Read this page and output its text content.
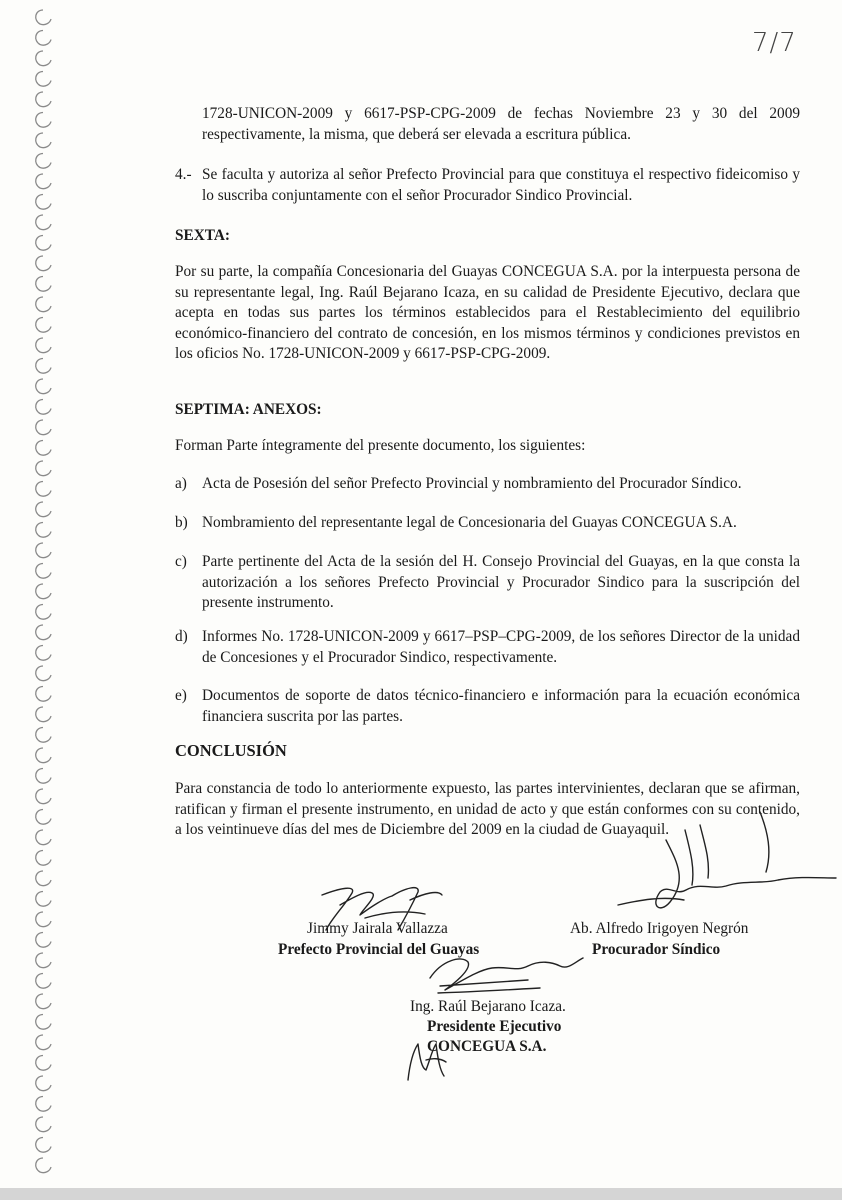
7/7
1728-UNICON-2009 y 6617-PSP-CPG-2009 de fechas Noviembre 23 y 30 del 2009 respectivamente, la misma, que deberá ser elevada a escritura pública.
4.- Se faculta y autoriza al señor Prefecto Provincial para que constituya el respectivo fideicomiso y lo suscriba conjuntamente con el señor Procurador Sindico Provincial.
SEXTA:
Por su parte, la compañía Concesionaria del Guayas CONCEGUA S.A. por la interpuesta persona de su representante legal, Ing. Raúl Bejarano Icaza, en su calidad de Presidente Ejecutivo, declara que acepta en todas sus partes los términos establecidos para el Restablecimiento del equilibrio económico-financiero del contrato de concesión, en los mismos términos y condiciones previstos en los oficios No. 1728-UNICON-2009 y 6617-PSP-CPG-2009.
SEPTIMA: ANEXOS:
Forman Parte íntegramente del presente documento, los siguientes:
a) Acta de Posesión del señor Prefecto Provincial y nombramiento del Procurador Síndico.
b) Nombramiento del representante legal de Concesionaria del Guayas CONCEGUA S.A.
c) Parte pertinente del Acta de la sesión del H. Consejo Provincial del Guayas, en la que consta la autorización a los señores Prefecto Provincial y Procurador Sindico para la suscripción del presente instrumento.
d) Informes No. 1728-UNICON-2009 y 6617–PSP–CPG-2009, de los señores Director de la unidad de Concesiones y el Procurador Sindico, respectivamente.
e) Documentos de soporte de datos técnico-financiero e información para la ecuación económica financiera suscrita por las partes.
CONCLUSIÓN
Para constancia de todo lo anteriormente expuesto, las partes intervinientes, declaran que se afirman, ratifican y firman el presente instrumento, en unidad de acto y que están conformes con su contenido, a los veintinueve días del mes de Diciembre del 2009 en la ciudad de Guayaquil.
Jimmy Jairala Vallazza
Prefecto Provincial del Guayas
Ab. Alfredo Irigoyen Negrón
Procurador Síndico
Ing. Raúl Bejarano Icaza.
Presidente Ejecutivo
CONCEGUA S.A.
